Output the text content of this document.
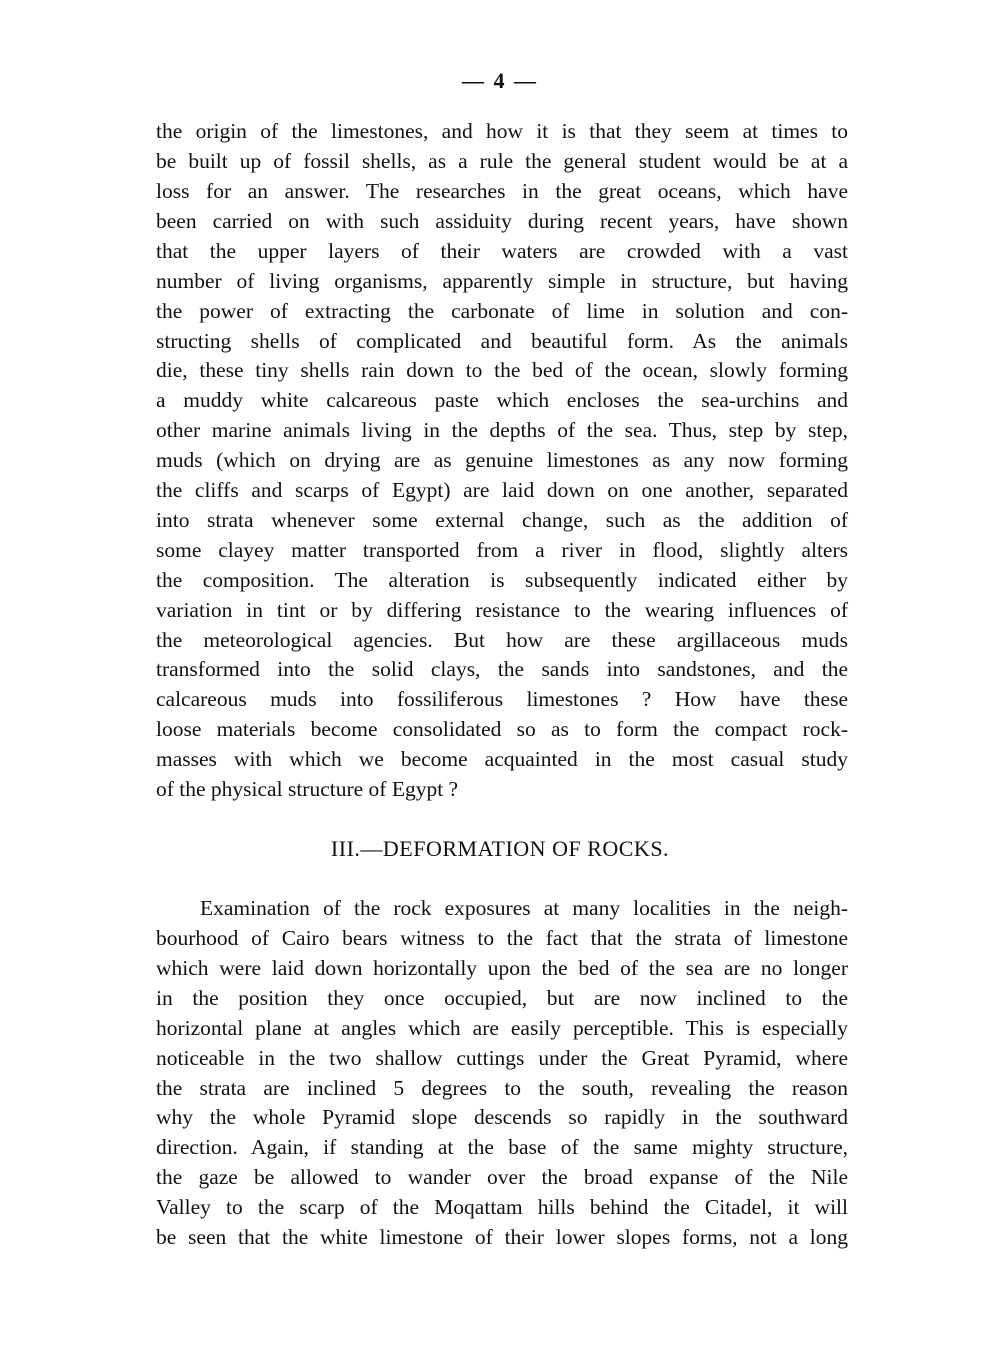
— 4 —
the origin of the limestones, and how it is that they seem at times to
be built up of fossil shells, as a rule the general student would be at a
loss for an answer. The researches in the great oceans, which have
been carried on with such assiduity during recent years, have shown
that the upper layers of their waters are crowded with a vast
number of living organisms, apparently simple in structure, but having
the power of extracting the carbonate of lime in solution and con-
structing shells of complicated and beautiful form. As the animals
die, these tiny shells rain down to the bed of the ocean, slowly forming
a muddy white calcareous paste which encloses the sea-urchins and
other marine animals living in the depths of the sea. Thus, step by step,
muds (which on drying are as genuine limestones as any now forming
the cliffs and scarps of Egypt) are laid down on one another, separated
into strata whenever some external change, such as the addition of
some clayey matter transported from a river in flood, slightly alters
the composition. The alteration is subsequently indicated either by
variation in tint or by differing resistance to the wearing influences of
the meteorological agencies. But how are these argillaceous muds
transformed into the solid clays, the sands into sandstones, and the
calcareous muds into fossiliferous limestones ? How have these
loose materials become consolidated so as to form the compact rock-
masses with which we become acquainted in the most casual study
of the physical structure of Egypt ?
III.—DEFORMATION OF ROCKS.
Examination of the rock exposures at many localities in the neigh-
bourhood of Cairo bears witness to the fact that the strata of limestone
which were laid down horizontally upon the bed of the sea are no longer
in the position they once occupied, but are now inclined to the
horizontal plane at angles which are easily perceptible. This is especially
noticeable in the two shallow cuttings under the Great Pyramid, where
the strata are inclined 5 degrees to the south, revealing the reason
why the whole Pyramid slope descends so rapidly in the southward
direction. Again, if standing at the base of the same mighty structure,
the gaze be allowed to wander over the broad expanse of the Nile
Valley to the scarp of the Moqattam hills behind the Citadel, it will
be seen that the white limestone of their lower slopes forms, not a long
